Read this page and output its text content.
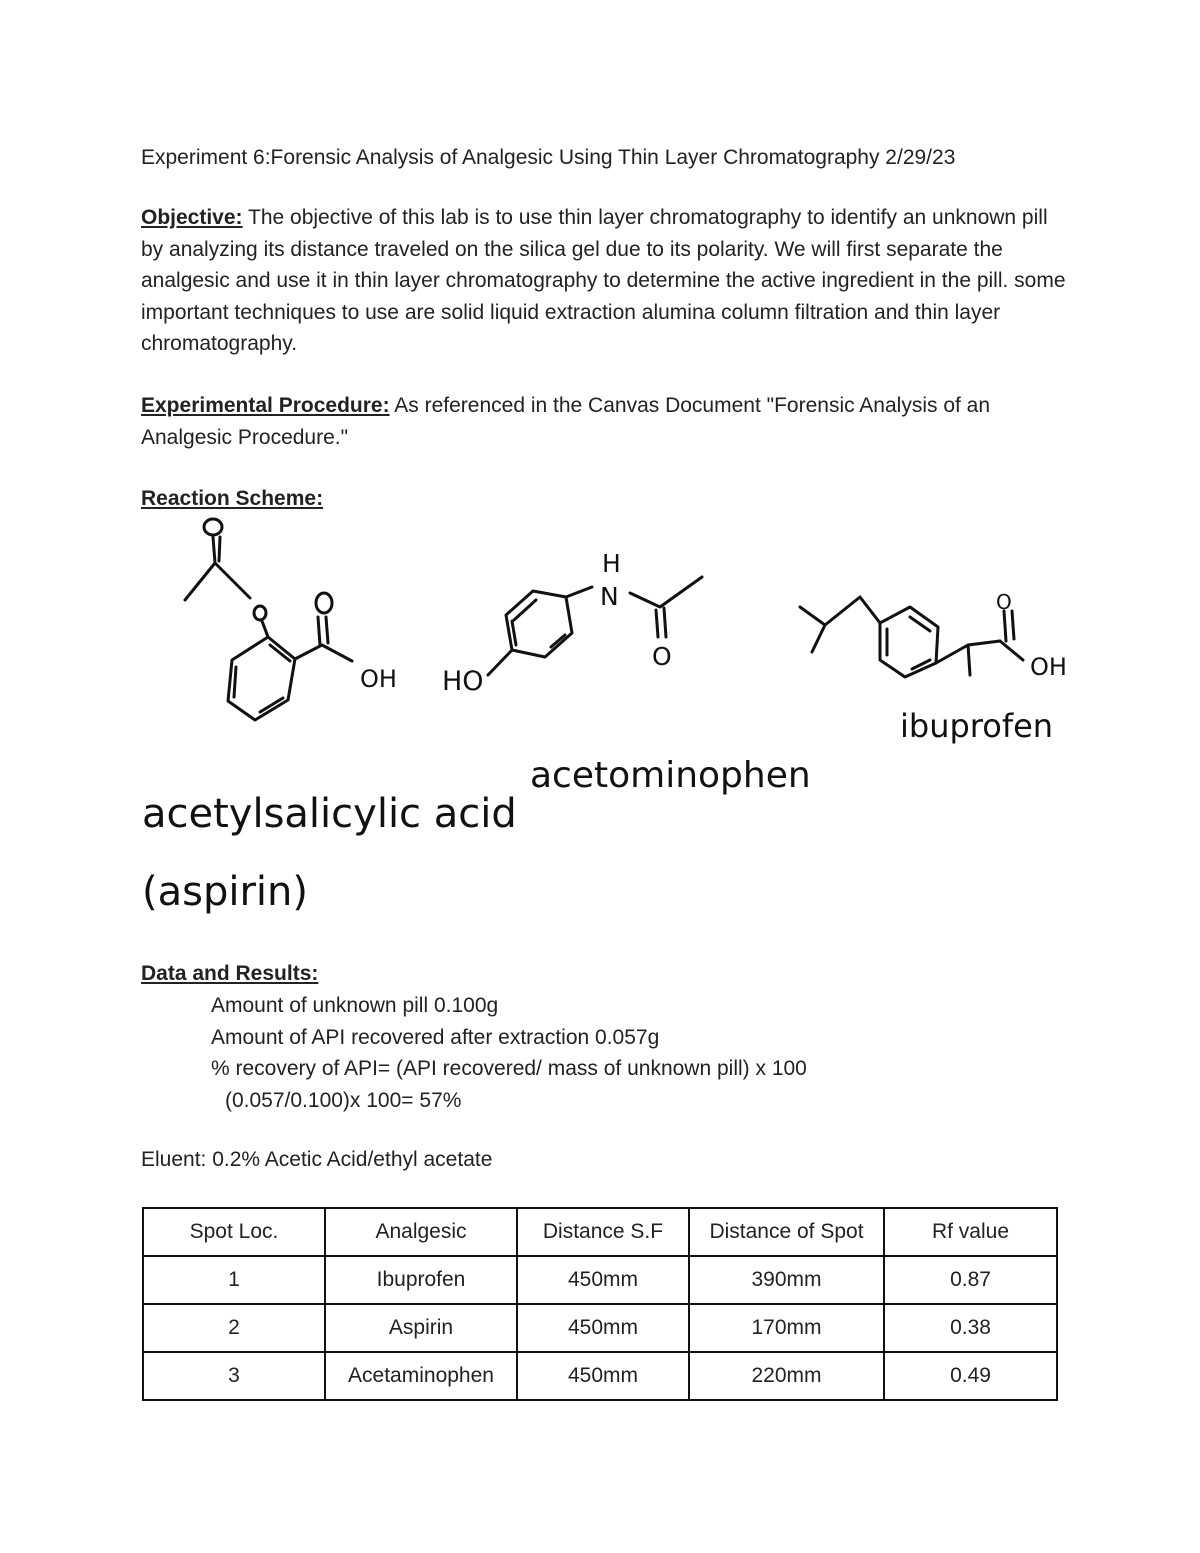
Experiment 6:Forensic Analysis of Analgesic Using Thin Layer Chromatography 2/29/23
Objective: The objective of this lab is to use thin layer chromatography to identify an unknown pill by analyzing its distance traveled on the silica gel due to its polarity. We will first separate the analgesic and use it in thin layer chromatography to determine the active ingredient in the pill. some important techniques to use are solid liquid extraction alumina column filtration and thin layer chromatography.
Experimental Procedure: As referenced in the Canvas Document "Forensic Analysis of an Analgesic Procedure."
Reaction Scheme:
OH
acetylsalicylic acid
(aspirin)
HO
N
H
O
acetominophen
O
OH
ibuprofen
Data and Results:
Amount of unknown pill 0.100g
Amount of API recovered after extraction 0.057g
% recovery of API= (API recovered/ mass of unknown pill) x 100
(0.057/0.100)x 100= 57%
Eluent: 0.2% Acetic Acid/ethyl acetate
Spot Loc.	Analgesic	Distance S.F	Distance of Spot	Rf value
1	Ibuprofen	450mm	390mm	0.87
2	Aspirin	450mm	170mm	0.38
3	Acetaminophen	450mm	220mm	0.49
